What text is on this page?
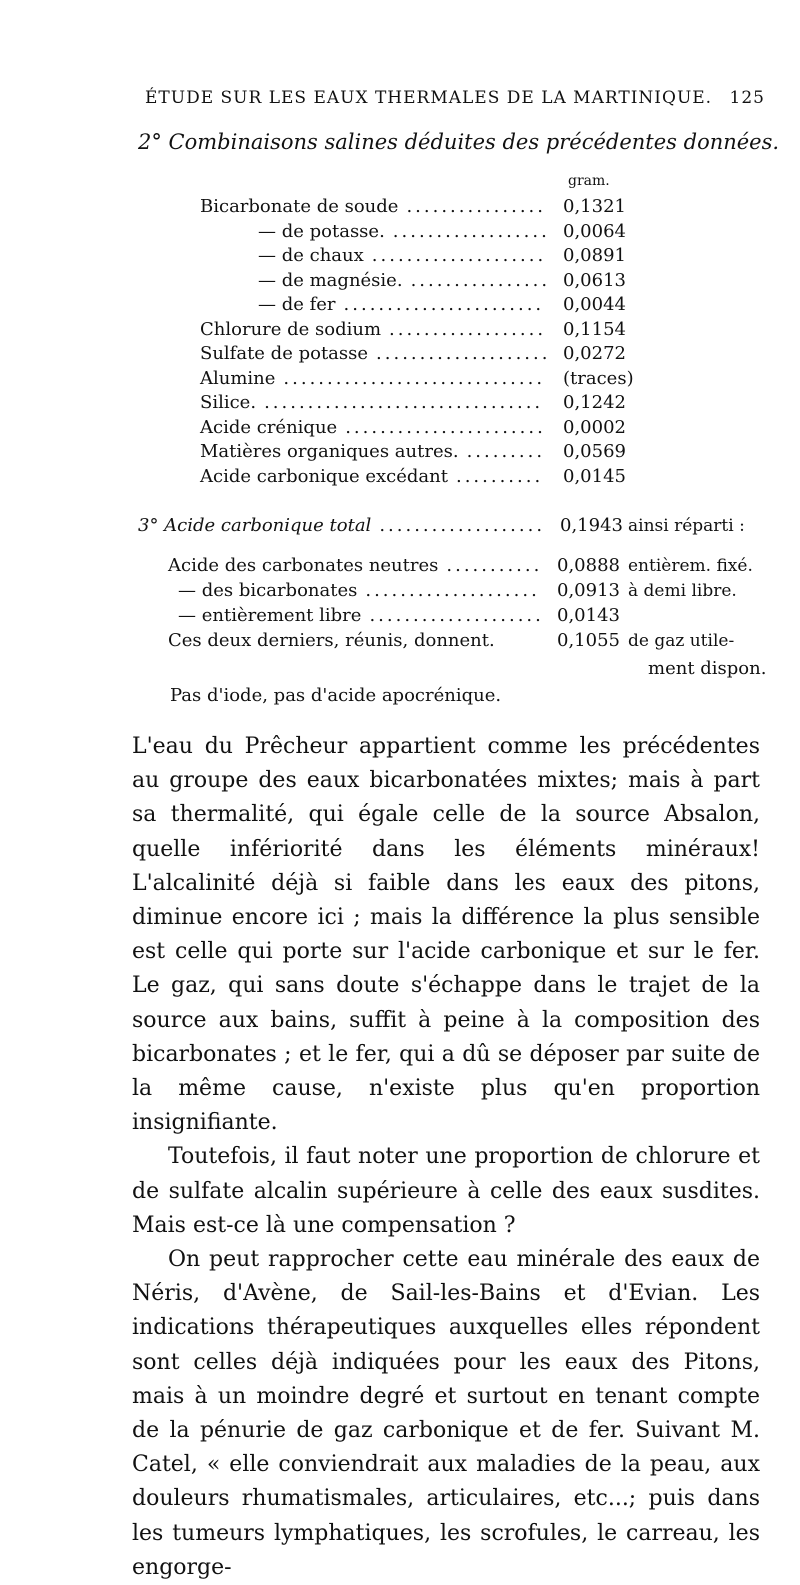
ÉTUDE SUR LES EAUX THERMALES DE LA MARTINIQUE. 125
2° Combinaisons salines déduites des précédentes données.
gram.
Bicarbonate de soude ................ 0,1321
— de potasse. .................. 0,0064
— de chaux .................... 0,0891
— de magnésie. ................ 0,0613
— de fer ....................... 0,0044
Chlorure de sodium .................. 0,1154
Sulfate de potasse .................... 0,0272
Alumine .............................. (traces)
Silice. ................................ 0,1242
Acide crénique ....................... 0,0002
Matières organiques autres. ......... 0,0569
Acide carbonique excédant .......... 0,0145
3° Acide carbonique total ................... 0,1943 ainsi réparti :
Acide des carbonates neutres ........... 0,0888 entièrem. fixé.
— des bicarbonates .................... 0,0913 à demi libre.
— entièrement libre .................... 0,0143
Ces deux derniers, réunis, donnent.	0,1055 de gaz utile-
ment dispon.
Pas d'iode, pas d'acide apocrénique.

L'eau du Prêcheur appartient comme les précédentes au groupe des eaux bicarbonatées mixtes; mais à part sa thermalité, qui égale celle de la source Absalon, quelle infériorité dans les éléments minéraux! L'alcalinité déjà si faible dans les eaux des pitons, diminue encore ici ; mais la différence la plus sensible est celle qui porte sur l'acide carbonique et sur le fer. Le gaz, qui sans doute s'échappe dans le trajet de la source aux bains, suffit à peine à la composition des bicarbonates ; et le fer, qui a dû se déposer par suite de la même cause, n'existe plus qu'en proportion insignifiante.

Toutefois, il faut noter une proportion de chlorure et de sulfate alcalin supérieure à celle des eaux susdites. Mais est-ce là une compensation ?

On peut rapprocher cette eau minérale des eaux de Néris, d'Avène, de Sail-les-Bains et d'Evian. Les indications thérapeutiques auxquelles elles répondent sont celles déjà indiquées pour les eaux des Pitons, mais à un moindre degré et surtout en tenant compte de la pénurie de gaz carbonique et de fer. Suivant M. Catel, « elle conviendrait aux maladies de la peau, aux douleurs rhumatismales, articulaires, etc...; puis dans les tumeurs lymphatiques, les scrofules, le carreau, les engorge-
